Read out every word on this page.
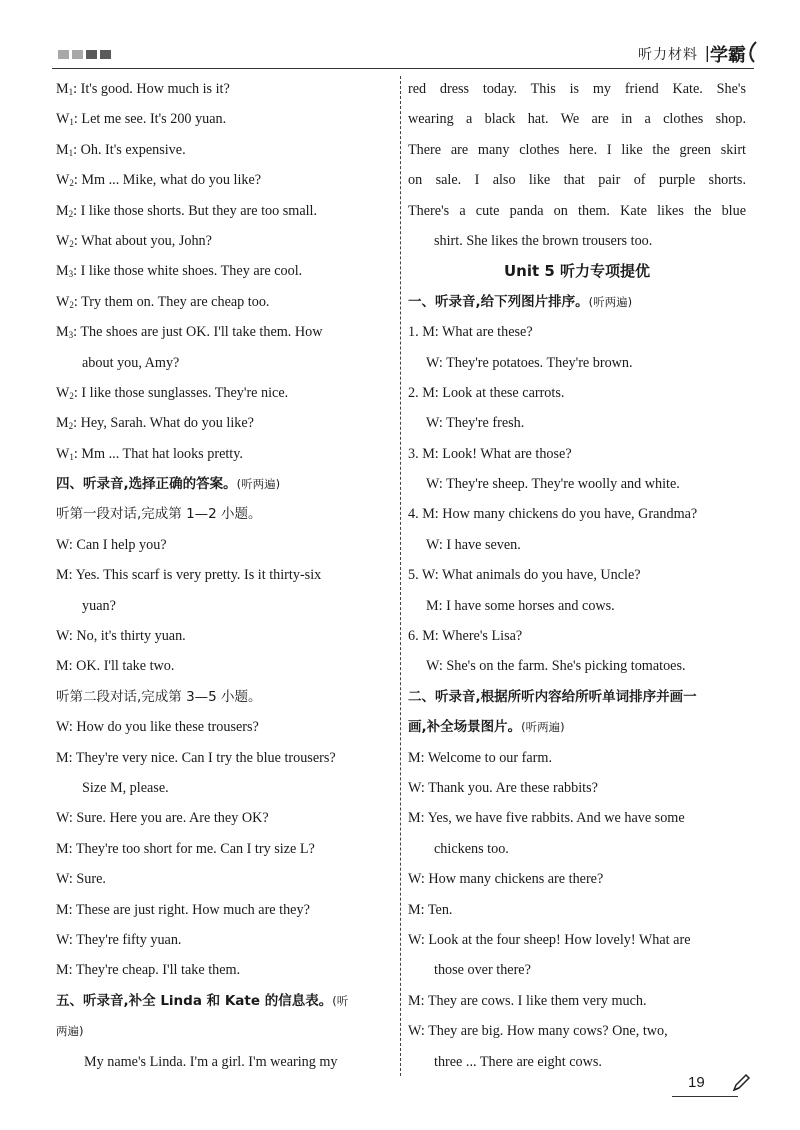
听力材料 | 学霸
$M_1$: It's good. How much is it?
$W_1$: Let me see. It's 200 yuan.
$M_1$: Oh. It's expensive.
$W_2$: Mm ... Mike, what do you like?
$M_2$: I like those shorts. But they are too small.
$W_2$: What about you, John?
$M_3$: I like those white shoes. They are cool.
$W_2$: Try them on. They are cheap too.
$M_3$: The shoes are just OK. I'll take them. How
about you, Amy?
$W_2$: I like those sunglasses. They're nice.
$M_2$: Hey, Sarah. What do you like?
$W_1$: Mm ... That hat looks pretty.
四、听录音,选择正确的答案。(听两遍)
听第一段对话,完成第 1—2 小题。
W: Can I help you?
M: Yes. This scarf is very pretty. Is it thirty-six
yuan?
W: No, it's thirty yuan.
M: OK. I'll take two.
听第二段对话,完成第 3—5 小题。
W: How do you like these trousers?
M: They're very nice. Can I try the blue trousers?
Size M, please.
W: Sure. Here you are. Are they OK?
M: They're too short for me. Can I try size L?
W: Sure.
M: These are just right. How much are they?
W: They're fifty yuan.
M: They're cheap. I'll take them.
五、听录音,补全 Linda 和 Kate 的信息表。(听
两遍)
My name's Linda. I'm a girl. I'm wearing my
red dress today. This is my friend Kate. She's
wearing a black hat. We are in a clothes shop.
There are many clothes here. I like the green skirt
on sale. I also like that pair of purple shorts.
There's a cute panda on them. Kate likes the blue
shirt. She likes the brown trousers too.
Unit 5 听力专项提优
一、听录音,给下列图片排序。(听两遍)
1. M: What are these?
W: They're potatoes. They're brown.
2. M: Look at these carrots.
W: They're fresh.
3. M: Look! What are those?
W: They're sheep. They're woolly and white.
4. M: How many chickens do you have, Grandma?
W: I have seven.
5. W: What animals do you have, Uncle?
M: I have some horses and cows.
6. M: Where's Lisa?
W: She's on the farm. She's picking tomatoes.
二、听录音,根据所听内容给所听单词排序并画一
画,补全场景图片。(听两遍)
M: Welcome to our farm.
W: Thank you. Are these rabbits?
M: Yes, we have five rabbits. And we have some
chickens too.
W: How many chickens are there?
M: Ten.
W: Look at the four sheep! How lovely! What are
those over there?
M: They are cows. I like them very much.
W: They are big. How many cows? One, two,
three ... There are eight cows.
19
